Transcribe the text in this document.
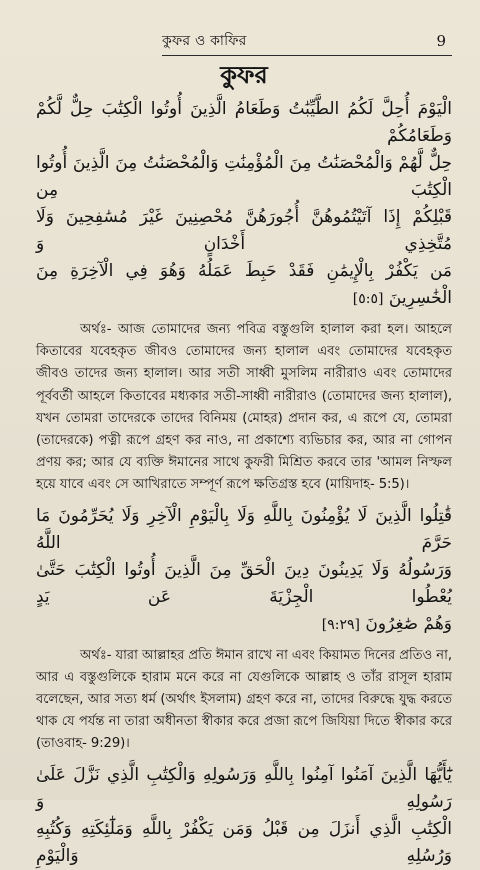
কুফর ও কাফির	9
কুফর

الْيَوْمَ أُحِلَّ لَكُمُ الطَّيِّبَٰتُ وَطَعَامُ الَّذِينَ أُوتُوا الْكِتَٰبَ حِلٌّ لَّكُمْ وَطَعَامُكُمْ

حِلٌّ لَّهُمْ وَالْمُحْصَنَٰتُ مِنَ الْمُؤْمِنَٰتِ وَالْمُحْصَنَٰتُ مِنَ الَّذِينَ أُوتُوا الْكِتَٰبَ مِن

قَبْلِكُمْ إِذَا آتَيْتُمُوهُنَّ أُجُورَهُنَّ مُحْصِنِينَ غَيْرَ مُسَٰفِحِينَ وَلَا مُتَّخِذِي أَخْدَانٍ وَ

مَن يَكْفُرْ بِالْإِيمَٰنِ فَقَدْ حَبِطَ عَمَلُهُ وَهُوَ فِي الْآخِرَةِ مِنَ الْخَٰسِرِينَ [٥:٥]

অর্থঃ- আজ তোমাদের জন্য পবিত্র বস্তুগুলি হালাল করা হল। আহলে কিতাবের যবেহকৃত জীবও তোমাদের জন্য হালাল এবং তোমাদের যবেহকৃত জীবও তাদের জন্য হালাল। আর সতী সাধ্বী মুসলিম নারীরাও এবং তোমাদের পূর্ববর্তী আহলে কিতাবের মধ্যকার সতী-সাধ্বী নারীরাও (তোমাদের জন্য হালাল), যখন তোমরা তাদেরকে তাদের বিনিময় (মোহর) প্রদান কর, এ রূপে যে, তোমরা (তাদেরকে) পত্নী রূপে গ্রহণ কর নাও, না প্রকাশ্যে ব্যভিচার কর, আর না গোপন প্রণয় কর; আর যে ব্যক্তি ঈমানের সাথে কুফরী মিশ্রিত করবে তার 'আমল নিস্ফল হয়ে যাবে এবং সে আখিরাতে সম্পূর্ণ রূপে ক্ষতিগ্রস্ত হবে (মায়িদাহ- 5:5)।

قَٰتِلُوا الَّذِينَ لَا يُؤْمِنُونَ بِاللَّهِ وَلَا بِالْيَوْمِ الْآخِرِ وَلَا يُحَرِّمُونَ مَا حَرَّمَ اللَّهُ

وَرَسُولُهُ وَلَا يَدِينُونَ دِينَ الْحَقِّ مِنَ الَّذِينَ أُوتُوا الْكِتَٰبَ حَتَّىٰ يُعْطُوا الْجِزْيَةَ عَن يَدٍ

وَهُمْ صَٰغِرُونَ [٩:٢٩]

অর্থঃ- যারা আল্লাহর প্রতি ঈমান রাখে না এবং কিয়ামত দিনের প্রতিও না, আর এ বস্তুগুলিকে হারাম মনে করে না যেগুলিকে আল্লাহ ও তাঁর রাসূল হারাম বলেছেন, আর সত্য ধর্ম (অর্থাৎ ইসলাম) গ্রহণ করে না, তাদের বিরুদ্ধে যুদ্ধ করতে থাক যে পর্যন্ত না তারা অধীনতা স্বীকার করে প্রজা রূপে জিযিয়া দিতে স্বীকার করে (তাওবাহ- 9:29)।

يَٰٓأَيُّهَا الَّذِينَ آمَنُوا آمِنُوا بِاللَّهِ وَرَسُولِهِ وَالْكِتَٰبِ الَّذِي نَزَّلَ عَلَىٰ رَسُولِهِ وَ

الْكِتَٰبِ الَّذِي أَنزَلَ مِن قَبْلُ وَمَن يَكْفُرْ بِاللَّهِ وَمَلَٰٓئِكَتِهِ وَكُتُبِهِ وَرُسُلِهِ وَالْيَوْمِ
